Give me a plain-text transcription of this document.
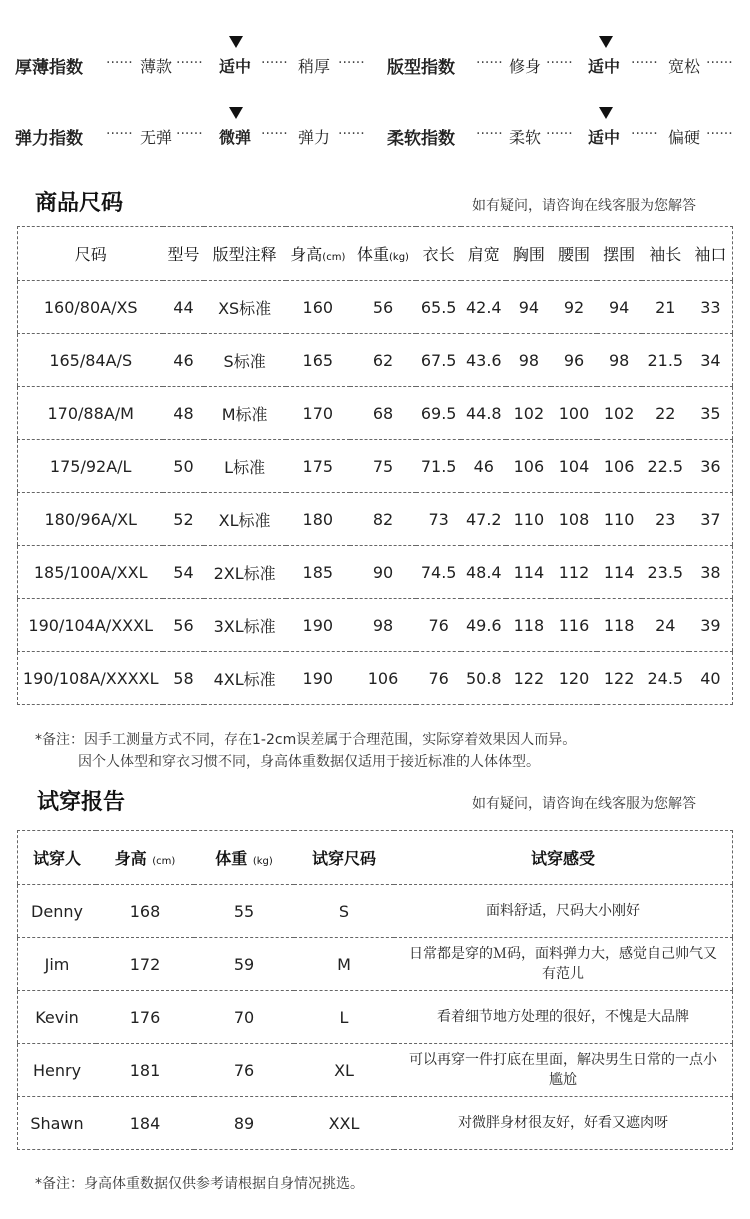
厚薄指数 ······ 薄款 ······ 适中 ······ 稍厚 ······ 版型指数 ······ 修身 ······ 适中 ······ 宽松 ······
弹力指数 ······ 无弹 ······ 微弹 ······ 弹力 ······ 柔软指数 ······ 柔软 ······ 适中 ······ 偏硬 ······
商品尺码	如有疑问，请咨询在线客服为您解答
尺码	型号	版型注释	身高(cm)	体重(kg)	衣长	肩宽	胸围	腰围	摆围	袖长	袖口
160/80A/XS	44	XS标准	160	56	65.5	42.4	94	92	94	21	33
165/84A/S	46	S标准	165	62	67.5	43.6	98	96	98	21.5	34
170/88A/M	48	M标准	170	68	69.5	44.8	102	100	102	22	35
175/92A/L	50	L标准	175	75	71.5	46	106	104	106	22.5	36
180/96A/XL	52	XL标准	180	82	73	47.2	110	108	110	23	37
185/100A/XXL	54	2XL标准	185	90	74.5	48.4	114	112	114	23.5	38
190/104A/XXXL	56	3XL标准	190	98	76	49.6	118	116	118	24	39
190/108A/XXXXL	58	4XL标准	190	106	76	50.8	122	120	122	24.5	40
*备注：因手工测量方式不同，存在1-2cm误差属于合理范围，实际穿着效果因人而异。
因个人体型和穿衣习惯不同，身高体重数据仅适用于接近标准的人体体型。
试穿报告	如有疑问，请咨询在线客服为您解答
试穿人	身高 (cm)	体重 (kg)	试穿尺码	试穿感受
Denny	168	55	S	面料舒适，尺码大小刚好
Jim	172	59	M	日常都是穿的Ｍ码，面料弹力大，感觉自己帅气又有范儿
Kevin	176	70	L	看着细节地方处理的很好，不愧是大品牌
Henry	181	76	XL	可以再穿一件打底在里面，解决男生日常的一点小尴尬
Shawn	184	89	XXL	对微胖身材很友好，好看又遮肉呀
*备注：身高体重数据仅供参考请根据自身情况挑选。
